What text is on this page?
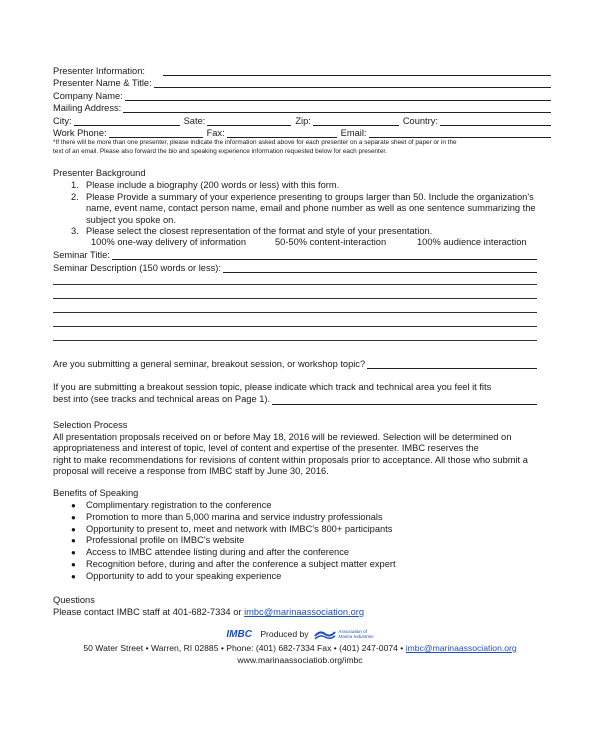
Presenter Information:
Presenter Name & Title:
Company Name:
Mailing Address:
City:	Sate:	Zip:	Country:
Work Phone:	Fax:	Email:
*If there will be more than one presenter, please indicate the information asked above for each presenter on a separate sheet of paper or in the
text of an email. Please also forward the bio and speaking experience information requested below for each presenter.
Presenter Background
1. Please include a biography (200 words or less) with this form.
2. Please Provide a summary of your experience presenting to groups larger than 50. Include the organization's
name, event name, contact person name, email and phone number as well as one sentence summarizing the
subject you spoke on.
3. Please select the closest representation of the format and style of your presentation.
100% one-way delivery of information	50-50% content-interaction	100% audience interaction
Seminar Title:
Seminar Description (150 words or less):
Are you submitting a general seminar, breakout session, or workshop topic?
If you are submitting a breakout session topic, please indicate which track and technical area you feel it fits
best into (see tracks and technical areas on Page 1).
Selection Process
All presentation proposals received on or before May 18, 2016 will be reviewed. Selection will be determined on
appropriateness and interest of topic, level of content and expertise of the presenter. IMBC reserves the
right to make recommendations for revisions of content within proposals prior to acceptance. All those who submit a
proposal will receive a response from IMBC staff by June 30, 2016.
Benefits of Speaking
● Complimentary registration to the conference
● Promotion to more than 5,000 marina and service industry professionals
● Opportunity to present to, meet and network with IMBC's 800+ participants
● Professional profile on IMBC's website
● Access to IMBC attendee listing during and after the conference
● Recognition before, during and after the conference a subject matter expert
● Opportunity to add to your speaking experience
Questions
Please contact IMBC staff at 401-682-7334 or imbc@marinaassociation.org
IMBC Produced by	Association of
Marina Industries
50 Water Street • Warren, RI 02885 • Phone: (401) 682-7334 Fax • (401) 247-0074 • imbc@marinaassociation.org
www.marinaassociatiob.org/imbc
